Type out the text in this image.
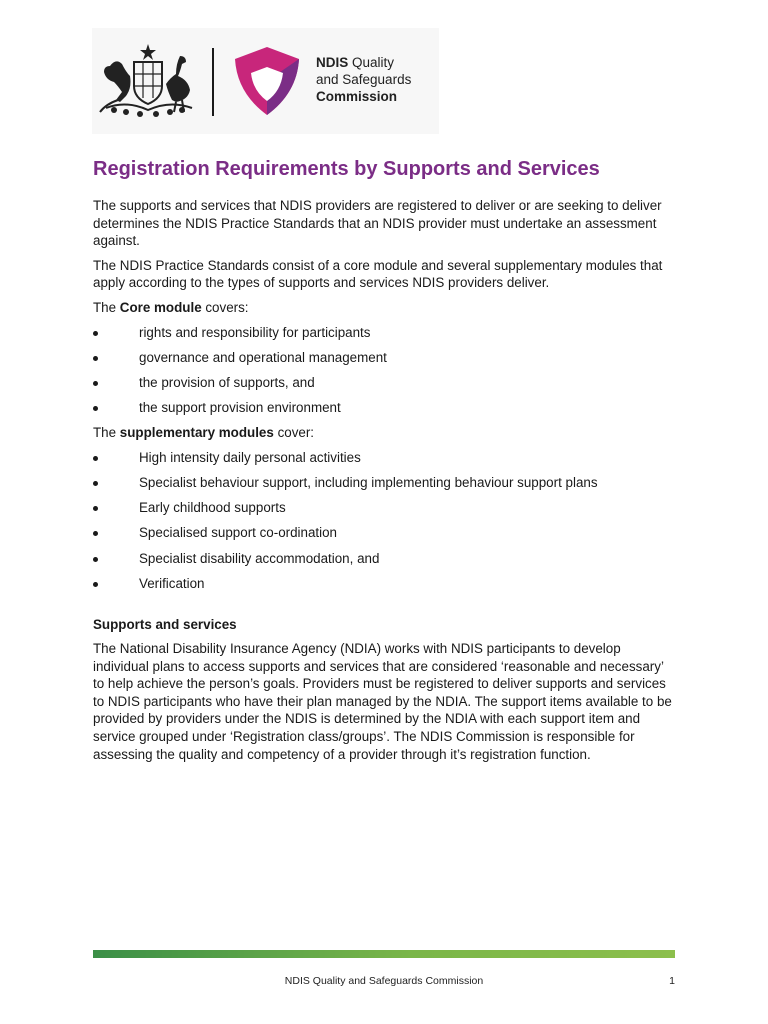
NDIS Quality
and Safeguards
Commission
Registration Requirements by Supports and Services

The supports and services that NDIS providers are registered to deliver or are seeking to deliver determines the NDIS Practice Standards that an NDIS provider must undertake an assessment against.

The NDIS Practice Standards consist of a core module and several supplementary modules that apply according to the types of supports and services NDIS providers deliver.

The Core module covers:

rights and responsibility for participants
governance and operational management
the provision of supports, and
the support provision environment

The supplementary modules cover:

High intensity daily personal activities
Specialist behaviour support, including implementing behaviour support plans
Early childhood supports
Specialised support co-ordination
Specialist disability accommodation, and
Verification
Supports and services

The National Disability Insurance Agency (NDIA) works with NDIS participants to develop individual plans to access supports and services that are considered ‘reasonable and necessary’ to help achieve the person’s goals. Providers must be registered to deliver supports and services to NDIS participants who have their plan managed by the NDIA. The support items available to be provided by providers under the NDIS is determined by the NDIA with each support item and service grouped under ‘Registration class/groups’. The NDIS Commission is responsible for assessing the quality and competency of a provider through it’s registration function.

NDIS Quality and Safeguards Commission	1
